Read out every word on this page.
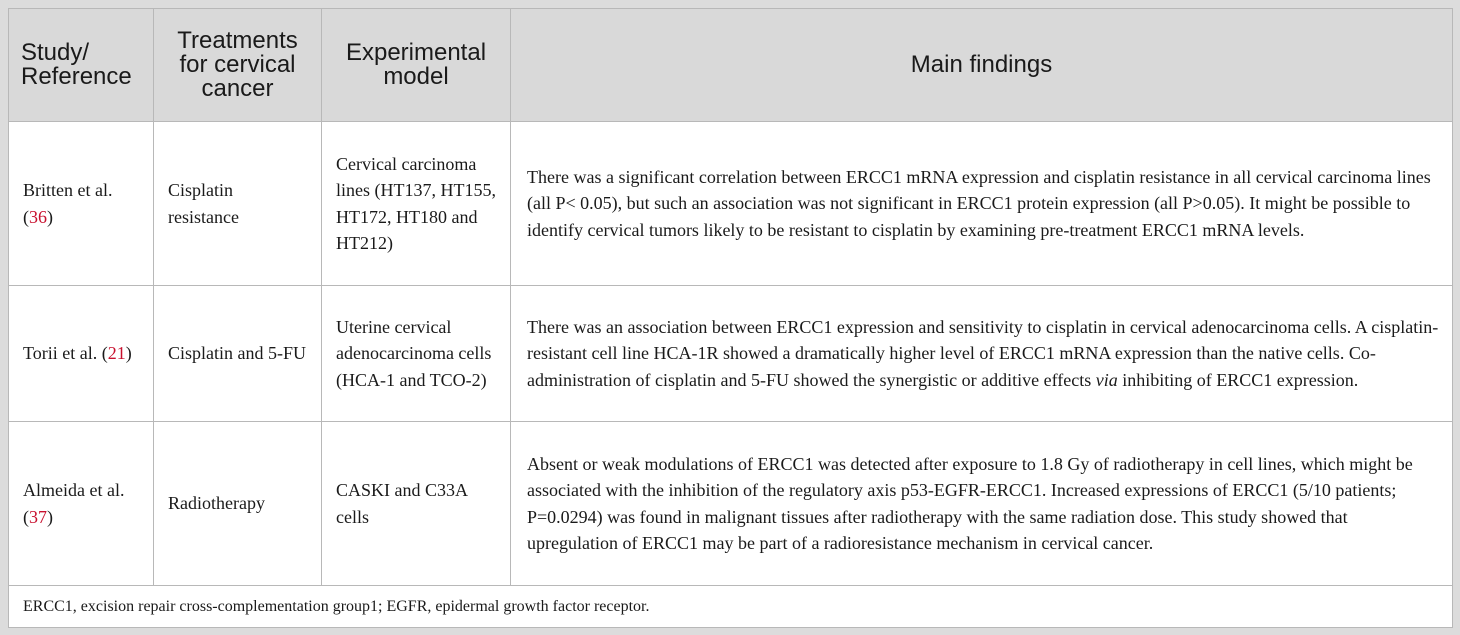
Study/
Reference	Treatments
for cervical
cancer	Experimental
model	Main findings
Britten et al. (36)	Cisplatin resistance	Cervical carcinoma lines (HT137, HT155, HT172, HT180 and HT212)	There was a significant correlation between ERCC1 mRNA expression and cisplatin resistance in all cervical carcinoma lines (all P< 0.05), but such an association was not significant in ERCC1 protein expression (all P>0.05). It might be possible to identify cervical tumors likely to be resistant to cisplatin by examining pre-treatment ERCC1 mRNA levels.
Torii et al. (21)	Cisplatin and 5-FU	Uterine cervical adenocarcinoma cells (HCA-1 and TCO-2)	There was an association between ERCC1 expression and sensitivity to cisplatin in cervical adenocarcinoma cells. A cisplatin-resistant cell line HCA-1R showed a dramatically higher level of ERCC1 mRNA expression than the native cells. Co-administration of cisplatin and 5-FU showed the synergistic or additive effects via inhibiting of ERCC1 expression.
Almeida et al. (37)	Radiotherapy	CASKI and C33A cells	Absent or weak modulations of ERCC1 was detected after exposure to 1.8 Gy of radiotherapy in cell lines, which might be associated with the inhibition of the regulatory axis p53-EGFR-ERCC1. Increased expressions of ERCC1 (5/10 patients; P=0.0294) was found in malignant tissues after radiotherapy with the same radiation dose. This study showed that upregulation of ERCC1 may be part of a radioresistance mechanism in cervical cancer.
ERCC1, excision repair cross-complementation group1; EGFR, epidermal growth factor receptor.			
